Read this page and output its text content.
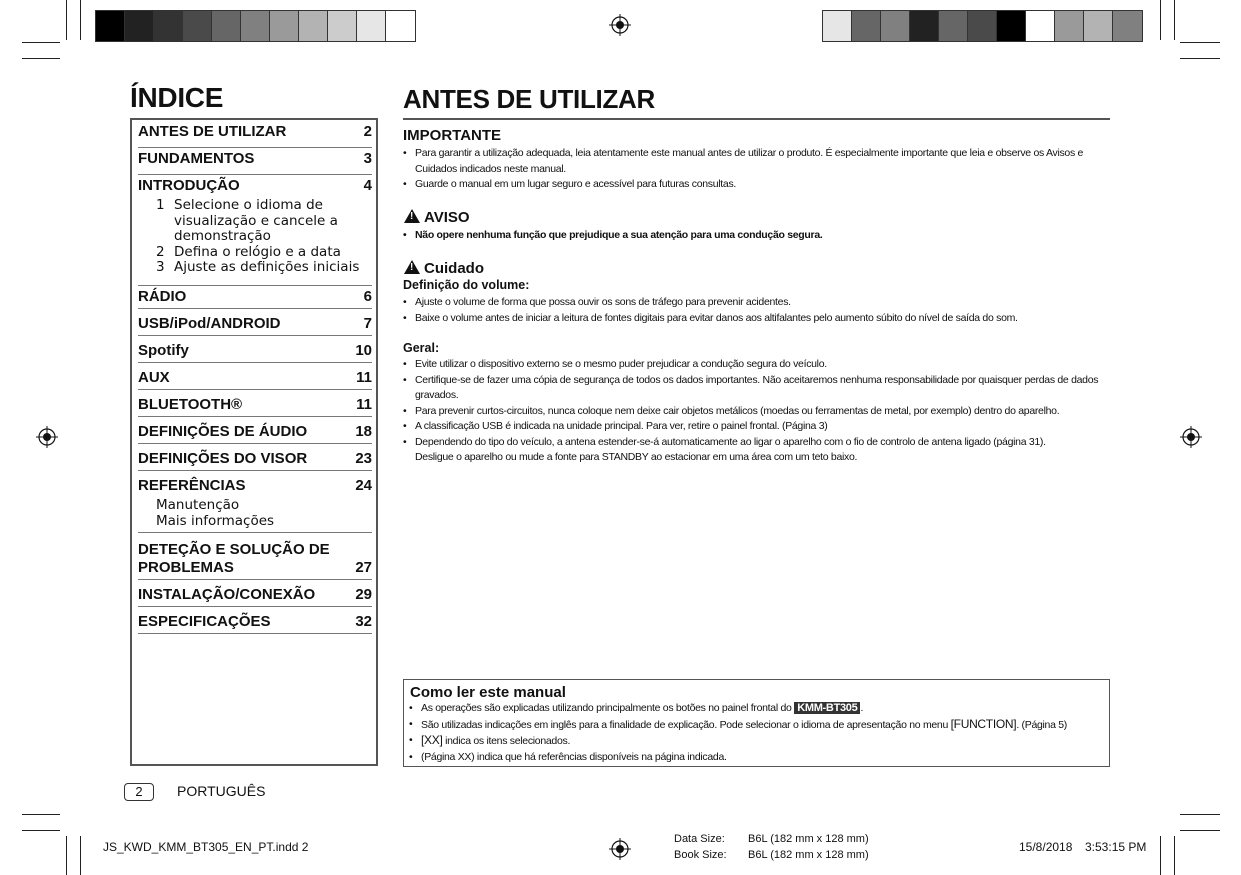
ÍNDICE
ANTES DE UTILIZAR	2
FUNDAMENTOS	3
INTRODUÇÃO	4
1 Selecione o idioma de
visualização e cancele a
demonstração
2 Defina o relógio e a data
3 Ajuste as definições iniciais
RÁDIO	6
USB/iPod/ANDROID	7
Spotify	10
AUX	11
BLUETOOTH®	11
DEFINIÇÕES DE ÁUDIO	18
DEFINIÇÕES DO VISOR	23
REFERÊNCIAS	24
Manutenção
Mais informações
DETEÇÃO E SOLUÇÃO DE
PROBLEMAS	27
INSTALAÇÃO/CONEXÃO	29
ESPECIFICAÇÕES	32
ANTES DE UTILIZAR
IMPORTANTE
• Para garantir a utilização adequada, leia atentamente este manual antes de utilizar o produto. É especialmente importante que leia e observe os Avisos e
Cuidados indicados neste manual.
• Guarde o manual em um lugar seguro e acessível para futuras consultas.
!AVISO
• Não opere nenhuma função que prejudique a sua atenção para uma condução segura.
!Cuidado
Definição do volume:
• Ajuste o volume de forma que possa ouvir os sons de tráfego para prevenir acidentes.
• Baixe o volume antes de iniciar a leitura de fontes digitais para evitar danos aos altifalantes pelo aumento súbito do nível de saída do som.
Geral:
• Evite utilizar o dispositivo externo se o mesmo puder prejudicar a condução segura do veículo.
• Certifique-se de fazer uma cópia de segurança de todos os dados importantes. Não aceitaremos nenhuma responsabilidade por quaisquer perdas de dados
gravados.
• Para prevenir curtos-circuitos, nunca coloque nem deixe cair objetos metálicos (moedas ou ferramentas de metal, por exemplo) dentro do aparelho.
• A classificação USB é indicada na unidade principal. Para ver, retire o painel frontal. (Página 3)
• Dependendo do tipo do veículo, a antena estender-se-á automaticamente ao ligar o aparelho com o fio de controlo de antena ligado (página 31).
Desligue o aparelho ou mude a fonte para STANDBY ao estacionar em uma área com um teto baixo.
Como ler este manual
• As operações são explicadas utilizando principalmente os botões no painel frontal do KMM-BT305 .
• São utilizadas indicações em inglês para a finalidade de explicação. Pode selecionar o idioma de apresentação no menu [FUNCTION]. (Página 5)
• [XX] indica os itens selecionados.
• (Página XX) indica que há referências disponíveis na página indicada.
2	PORTUGUÊS
JS_KWD_KMM_BT305_EN_PT.indd 2
Data Size: B6L (182 mm x 128 mm)
Book Size: B6L (182 mm x 128 mm)
15/8/2018 3:53:15 PM
